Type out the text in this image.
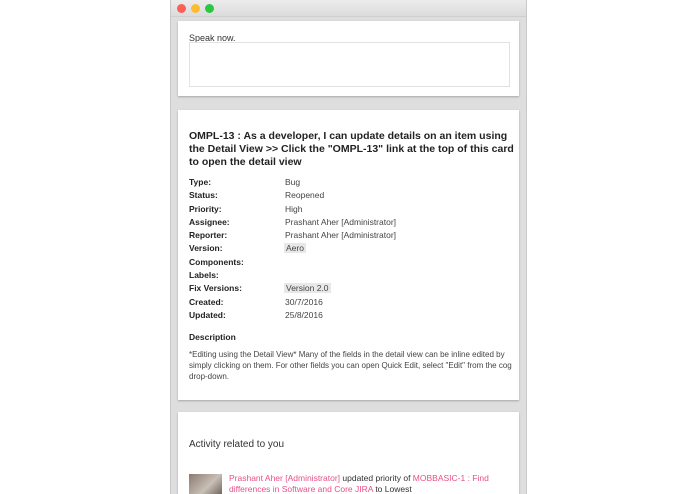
Speak now.
OMPL-13 : As a developer, I can update details on an item using the Detail View >> Click the "OMPL-13" link at the top of this card to open the detail view
Type:	Bug
Status:	Reopened
Priority:	High
Assignee:	Prashant Aher [Administrator]
Reporter:	Prashant Aher [Administrator]
Version:	Aero
Components:
Labels:
Fix Versions:	Version 2.0
Created:	30/7/2016
Updated:	25/8/2016
Description
*Editing using the Detail View* Many of the fields in the detail view can be inline edited by simply clicking on them. For other fields you can open Quick Edit, select "Edit" from the cog drop-down.
Activity related to you
Prashant Aher [Administrator] updated priority of MOBBASIC-1 : Find differences in Software and Core JIRA to Lowest
